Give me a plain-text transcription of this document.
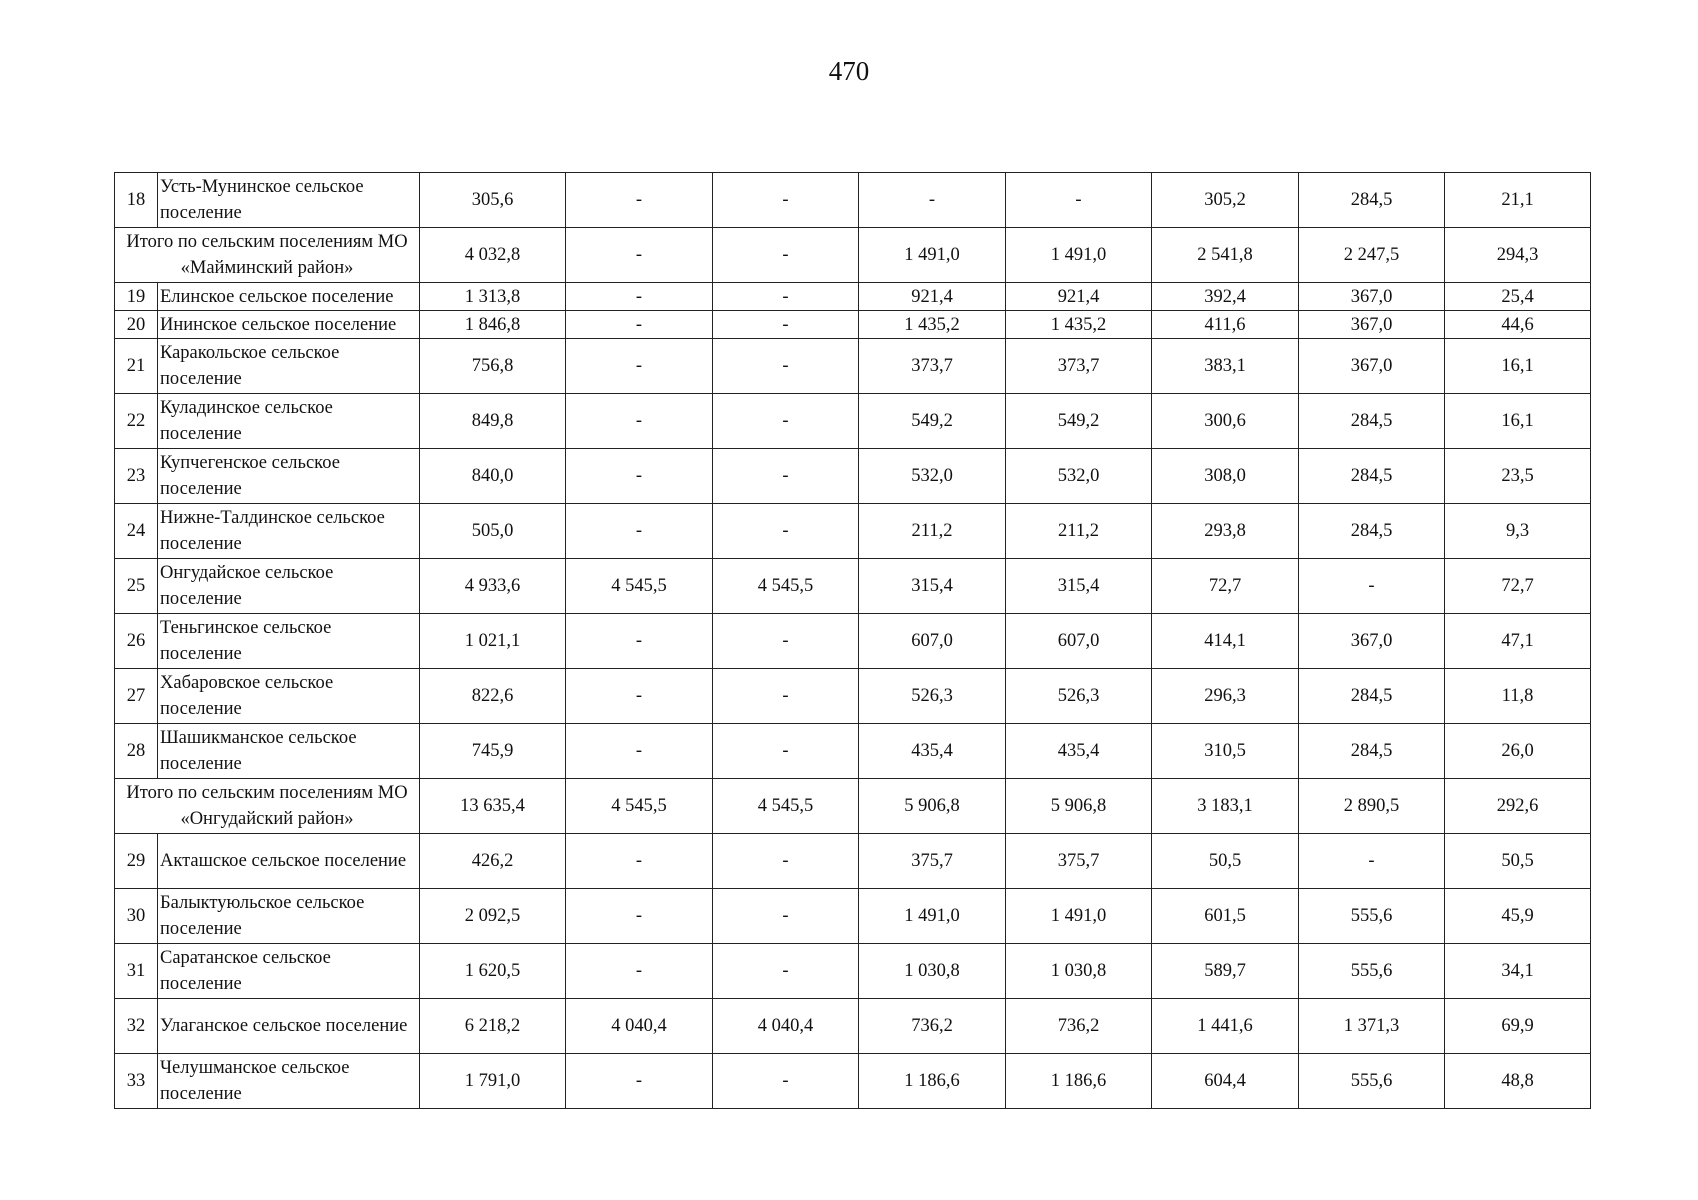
470
18	Усть-Мунинское сельское поселение	305,6	-	-	-	-	305,2	284,5	21,1
Итого по сельским поселениям МО «Майминский район»		4 032,8	-	-	1 491,0	1 491,0	2 541,8	2 247,5	294,3
19	Елинское сельское поселение	1 313,8	-	-	921,4	921,4	392,4	367,0	25,4
20	Ининское сельское поселение	1 846,8	-	-	1 435,2	1 435,2	411,6	367,0	44,6
21	Каракольское сельское поселение	756,8	-	-	373,7	373,7	383,1	367,0	16,1
22	Куладинское сельское поселение	849,8	-	-	549,2	549,2	300,6	284,5	16,1
23	Купчегенское сельское поселение	840,0	-	-	532,0	532,0	308,0	284,5	23,5
24	Нижне-Талдинское сельское поселение	505,0	-	-	211,2	211,2	293,8	284,5	9,3
25	Онгудайское сельское поселение	4 933,6	4 545,5	4 545,5	315,4	315,4	72,7	-	72,7
26	Теньгинское сельское поселение	1 021,1	-	-	607,0	607,0	414,1	367,0	47,1
27	Хабаровское сельское поселение	822,6	-	-	526,3	526,3	296,3	284,5	11,8
28	Шашикманское сельское поселение	745,9	-	-	435,4	435,4	310,5	284,5	26,0
Итого по сельским поселениям МО «Онгудайский район»		13 635,4	4 545,5	4 545,5	5 906,8	5 906,8	3 183,1	2 890,5	292,6
29	Акташское сельское поселение	426,2	-	-	375,7	375,7	50,5	-	50,5
30	Балыктуюльское сельское поселение	2 092,5	-	-	1 491,0	1 491,0	601,5	555,6	45,9
31	Саратанское сельское поселение	1 620,5	-	-	1 030,8	1 030,8	589,7	555,6	34,1
32	Улаганское сельское поселение	6 218,2	4 040,4	4 040,4	736,2	736,2	1 441,6	1 371,3	69,9
33	Челушманское сельское поселение	1 791,0	-	-	1 186,6	1 186,6	604,4	555,6	48,8
